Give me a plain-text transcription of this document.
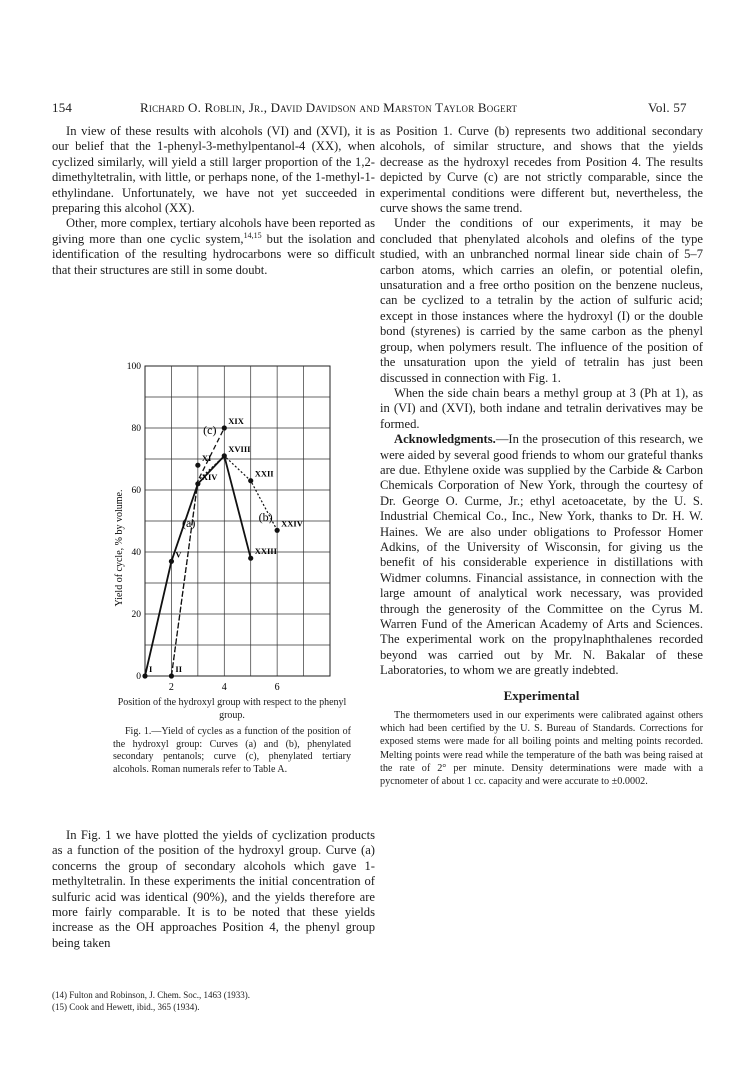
154	Richard O. Roblin, Jr., David Davidson and Marston Taylor Bogert	Vol. 57

In view of these results with alcohols (VI) and (XVI), it is our belief that the 1-phenyl-3-methylpentanol-4 (XX), when cyclized similarly, will yield a still larger proportion of the 1,2-dimethyltetralin, with little, or perhaps none, of the 1-methyl-1-ethylindane. Unfortunately, we have not yet succeeded in preparing this alcohol (XX).

Other, more complex, tertiary alcohols have been reported as giving more than one cyclic system,$^{14,15}$ but the isolation and identification of the resulting hydrocarbons were so difficult that their structures are still in some doubt.

0
20
40
60
80
100
2	4	6
I	II
V
XI
XIV
XVIII
XIX
XXII
XXIII
XXIV
(a)	(b)
(c)
Yield of cycle, % by volume.
Position of the hydroxyl group with respect to the phenyl group.
Fig. 1.—Yield of cycles as a function of the position of the hydroxyl group: Curves (a) and (b), phenylated secondary pentanols; curve (c), phenylated tertiary alcohols. Roman numerals refer to Table A.

In Fig. 1 we have plotted the yields of cyclization products as a function of the position of the hydroxyl group. Curve (a) concerns the group of secondary alcohols which gave 1-methyltetralin. In these experiments the initial concentration of sulfuric acid was identical (90%), and the yields therefore are more fairly comparable. It is to be noted that these yields increase as the OH approaches Position 4, the phenyl group being taken

(14) Fulton and Robinson, J. Chem. Soc., 1463 (1933).
(15) Cook and Hewett, ibid., 365 (1934).

as Position 1. Curve (b) represents two additional secondary alcohols, of similar structure, and shows that the yields decrease as the hydroxyl recedes from Position 4. The results depicted by Curve (c) are not strictly comparable, since the experimental conditions were different but, nevertheless, the curve shows the same trend.

Under the conditions of our experiments, it may be concluded that phenylated alcohols and olefins of the type studied, with an unbranched normal linear side chain of 5–7 carbon atoms, which carries an olefin, or potential olefin, unsaturation and a free ortho position on the benzene nucleus, can be cyclized to a tetralin by the action of sulfuric acid; except in those instances where the hydroxyl (I) or the double bond (styrenes) is carried by the same carbon as the phenyl group, when polymers result. The influence of the position of the unsaturation upon the yield of tetralin has just been discussed in connection with Fig. 1.

When the side chain bears a methyl group at 3 (Ph at 1), as in (VI) and (XVI), both indane and tetralin derivatives may be formed.

Acknowledgments.—In the prosecution of this research, we were aided by several good friends to whom our grateful thanks are due. Ethylene oxide was supplied by the Carbide & Carbon Chemicals Corporation of New York, through the courtesy of Dr. George O. Curme, Jr.; ethyl acetoacetate, by the U. S. Industrial Chemical Co., Inc., New York, thanks to Dr. H. W. Haines. We are also under obligations to Professor Homer Adkins, of the University of Wisconsin, for giving us the benefit of his considerable experience in distillations with Widmer columns. Financial assistance, in connection with the large amount of analytical work necessary, was provided through the generosity of the Committee on the Cyrus M. Warren Fund of the American Academy of Arts and Sciences. The experimental work on the propylnaphthalenes recorded beyond was carried out by Mr. N. Bakalar of these Laboratories, to whom we are greatly indebted.

Experimental

The thermometers used in our experiments were calibrated against others which had been certified by the U. S. Bureau of Standards. Corrections for exposed stems were made for all boiling points and melting points recorded. Melting points were read while the temperature of the bath was being raised at the rate of 2° per minute. Density determinations were made with a pycnometer of about 1 cc. capacity and were accurate to ±0.0002.
